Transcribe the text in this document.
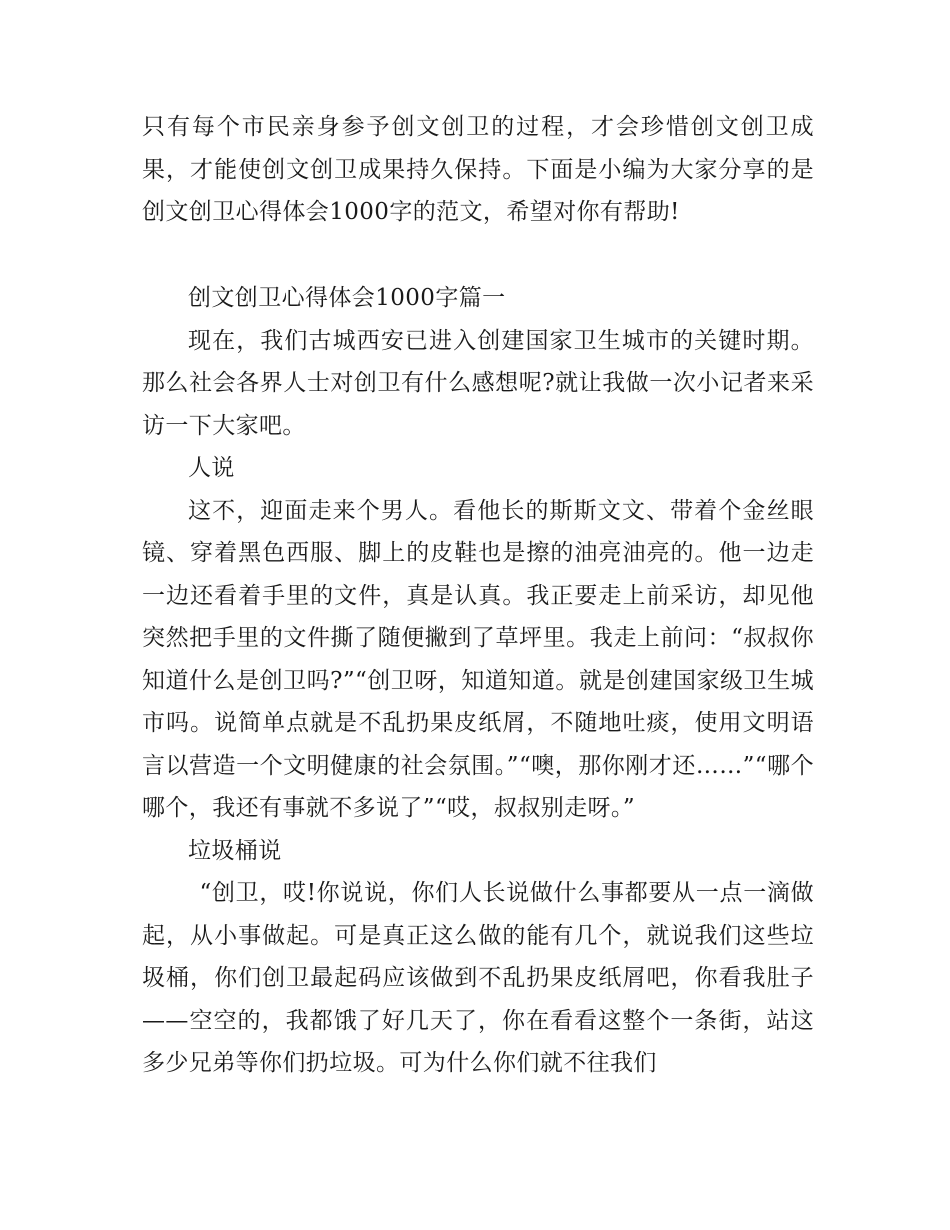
只有每个市民亲身参予创文创卫的过程，才会珍惜创文创卫成果，才能使创文创卫成果持久保持。下面是小编为大家分享的是创文创卫心得体会1000字的范文，希望对你有帮助!

创文创卫心得体会1000字篇一

现在，我们古城西安已进入创建国家卫生城市的关键时期。那么社会各界人士对创卫有什么感想呢?就让我做一次小记者来采访一下大家吧。

人说

这不，迎面走来个男人。看他长的斯斯文文、带着个金丝眼镜、穿着黑色西服、脚上的皮鞋也是擦的油亮油亮的。他一边走一边还看着手里的文件，真是认真。我正要走上前采访，却见他突然把手里的文件撕了随便撇到了草坪里。我走上前问：“叔叔你知道什么是创卫吗?”“创卫呀，知道知道。就是创建国家级卫生城市吗。说简单点就是不乱扔果皮纸屑，不随地吐痰，使用文明语言以营造一个文明健康的社会氛围。”“噢，那你刚才还……”“哪个哪个，我还有事就不多说了”“哎，叔叔别走呀。”

垃圾桶说

“创卫，哎!你说说，你们人长说做什么事都要从一点一滴做起，从小事做起。可是真正这么做的能有几个，就说我们这些垃圾桶，你们创卫最起码应该做到不乱扔果皮纸屑吧，你看我肚子——空空的，我都饿了好几天了，你在看看这整个一条街，站这多少兄弟等你们扔垃圾。可为什么你们就不往我们
